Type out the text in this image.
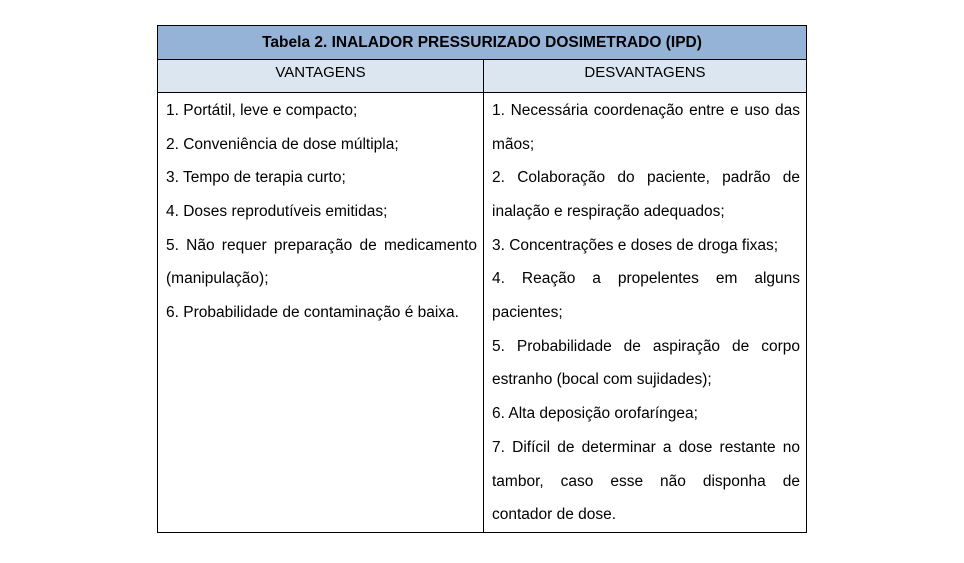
Tabela 2. INALADOR PRESSURIZADO DOSIMETRADO (IPD)
VANTAGENS	DESVANTAGENS

1. Portátil, leve e compacto;

2. Conveniência de dose múltipla;

3. Tempo de terapia curto;

4. Doses reprodutíveis emitidas;

5. Não requer preparação de medicamento (manipulação);

6. Probabilidade de contaminação é baixa.

1. Necessária coordenação entre e uso das mãos;

2. Colaboração do paciente, padrão de inalação e respiração adequados;

3. Concentrações e doses de droga fixas;

4. Reação a propelentes em alguns pacientes;

5. Probabilidade de aspiração de corpo estranho (bocal com sujidades);

6. Alta deposição orofaríngea;

7. Difícil de determinar a dose restante no tambor, caso esse não disponha de contador de dose.
